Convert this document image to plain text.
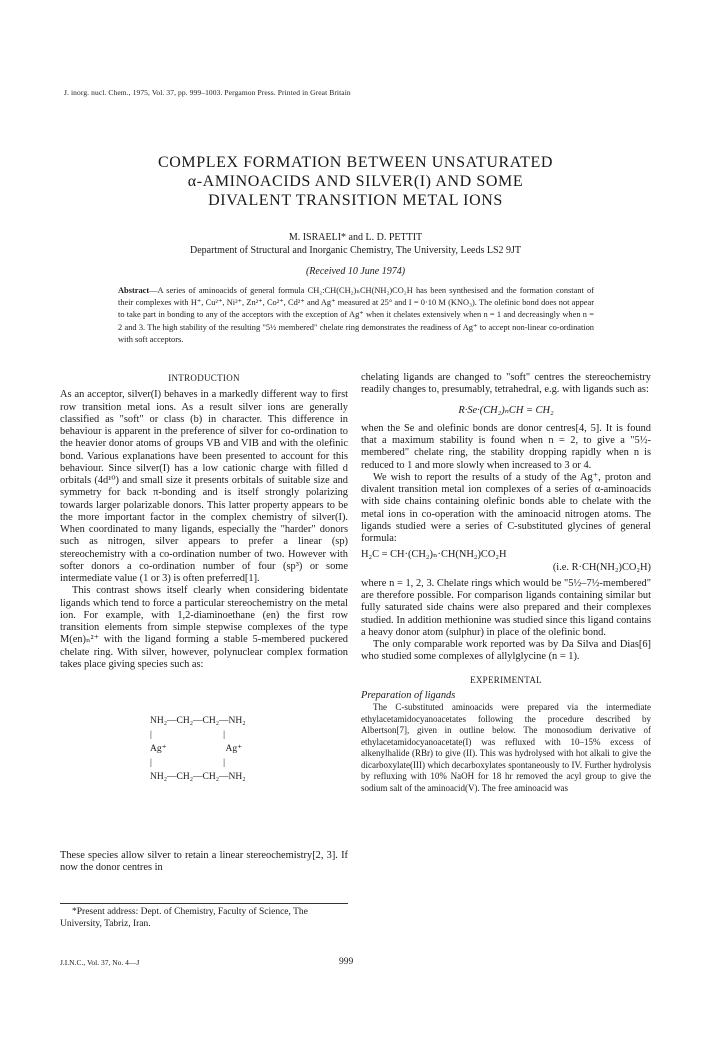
J. inorg. nucl. Chem., 1975, Vol. 37, pp. 999–1003. Pergamon Press. Printed in Great Britain
COMPLEX FORMATION BETWEEN UNSATURATED
α-AMINOACIDS AND SILVER(I) AND SOME
DIVALENT TRANSITION METAL IONS
M. ISRAELI* and L. D. PETTIT
Department of Structural and Inorganic Chemistry, The University, Leeds LS2 9JT
(Received 10 June 1974)
Abstract—A series of aminoacids of general formula CH₂:CH(CH₂)ₙCH(NH₂)CO₂H has been synthesised and the formation constant of their complexes with H⁺, Cu²⁺, Ni²⁺, Zn²⁺, Co²⁺, Cd²⁺ and Ag⁺ measured at 25° and I = 0·10 M (KNO₃). The olefinic bond does not appear to take part in bonding to any of the acceptors with the exception of Ag⁺ when it chelates extensively when n = 1 and decreasingly when n = 2 and 3. The high stability of the resulting "5½ membered" chelate ring demonstrates the readiness of Ag⁺ to accept non-linear co-ordination with soft acceptors.
INTRODUCTION

As an acceptor, silver(I) behaves in a markedly different way to first row transition metal ions. As a result silver ions are generally classified as "soft" or class (b) in character. This difference in behaviour is apparent in the preference of silver for co-ordination to the heavier donor atoms of groups VB and VIB and with the olefinic bond. Various explanations have been presented to account for this behaviour. Since silver(I) has a low cationic charge with filled d orbitals (4d¹⁰) and small size it presents orbitals of suitable size and symmetry for back π-bonding and is itself strongly polarizing towards larger polarizable donors. This latter property appears to be the more important factor in the complex chemistry of silver(I). When coordinated to many ligands, especially the "harder" donors such as nitrogen, silver appears to prefer a linear (sp) stereochemistry with a co-ordination number of two. However with softer donors a co-ordination number of four (sp³) or some intermediate value (1 or 3) is often preferred[1].

This contrast shows itself clearly when considering bidentate ligands which tend to force a particular stereochemistry on the metal ion. For example, with 1,2-diaminoethane (en) the first row transition elements from simple stepwise complexes of the type M(en)ₙ²⁺ with the ligand forming a stable 5-membered puckered chelate ring. With silver, however, polynuclear complex formation takes place giving species such as:

NH₂—CH₂—CH₂—NH₂
|                              |
Ag⁺                         Ag⁺
|                              |
NH₂—CH₂—CH₂—NH₂

These species allow silver to retain a linear stereochemistry[2, 3]. If now the donor centres in

*Present address: Dept. of Chemistry, Faculty of Science, The University, Tabriz, Iran.

chelating ligands are changed to "soft" centres the stereochemistry readily changes to, presumably, tetrahedral, e.g. with ligands such as:

R·Se·(CH₂)ₙCH = CH₂

when the Se and olefinic bonds are donor centres[4, 5]. It is found that a maximum stability is found when n = 2, to give a "5½-membered" chelate ring, the stability dropping rapidly when n is reduced to 1 and more slowly when increased to 3 or 4.

We wish to report the results of a study of the Ag⁺, proton and divalent transition metal ion complexes of a series of α-aminoacids with side chains containing olefinic bonds able to chelate with the metal ions in co-operation with the aminoacid nitrogen atoms. The ligands studied were a series of C-substituted glycines of general formula:

H₂C = CH·(CH₂)ₙ·CH(NH₂)CO₂H

(i.e. R·CH(NH₂)CO₂H)

where n = 1, 2, 3. Chelate rings which would be "5½–7½-membered" are therefore possible. For comparison ligands containing similar but fully saturated side chains were also prepared and their complexes studied. In addition methionine was studied since this ligand contains a heavy donor atom (sulphur) in place of the olefinic bond.

The only comparable work reported was by Da Silva and Dias[6] who studied some complexes of allylglycine (n = 1).

EXPERIMENTAL
Preparation of ligands

The C-substituted aminoacids were prepared via the intermediate ethylacetamidocyanoacetates following the procedure described by Albertson[7], given in outline below. The monosodium derivative of ethylacetamidocyanoacetate(I) was refluxed with 10–15% excess of alkenylhalide (RBr) to give (II). This was hydrolysed with hot alkali to give the dicarboxylate(III) which decarboxylates spontaneously to IV. Further hydrolysis by refluxing with 10% NaOH for 18 hr removed the acyl group to give the sodium salt of the aminoacid(V). The free aminoacid was

J.I.N.C., Vol. 37, No. 4—J	999
